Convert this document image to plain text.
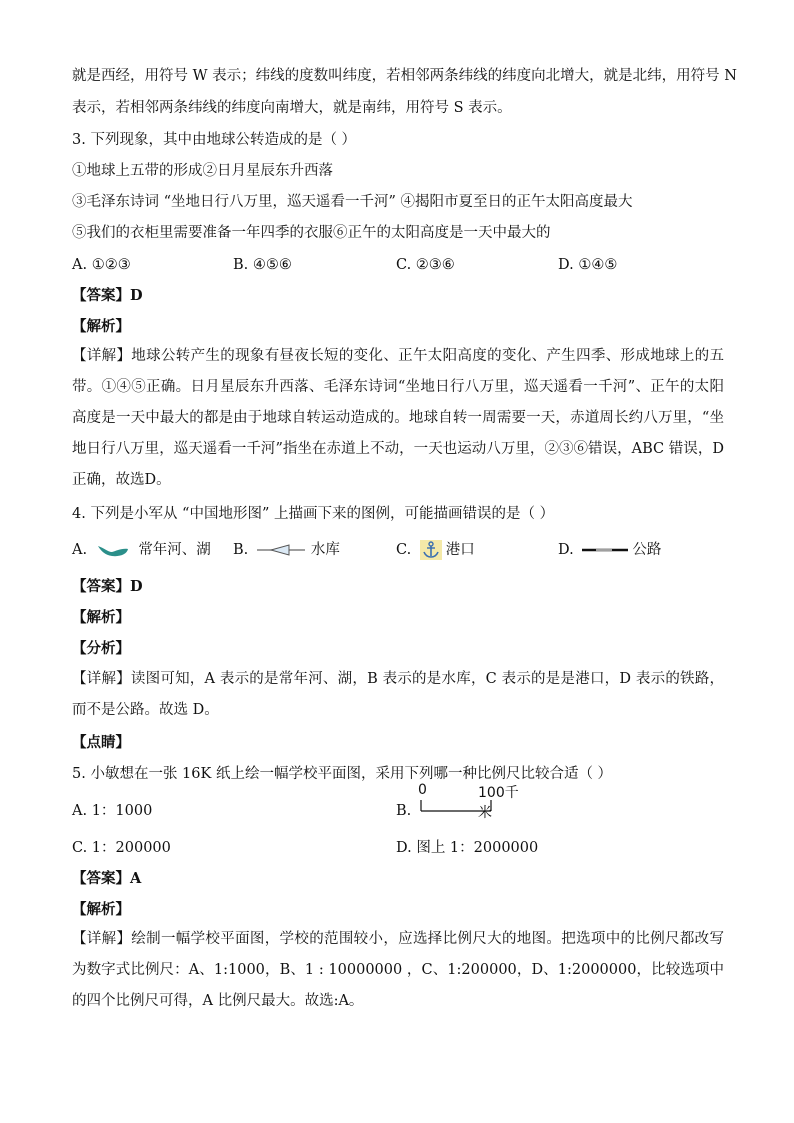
就是西经，用符号 W 表示；纬线的度数叫纬度，若相邻两条纬线的纬度向北增大，就是北纬，用符号 N
表示，若相邻两条纬线的纬度向南增大，就是南纬，用符号 S 表示。
3. 下列现象，其中由地球公转造成的是（ ）
①地球上五带的形成②日月星辰东升西落
③毛泽东诗词 “坐地日行八万里，巡天遥看一千河” ④揭阳市夏至日的正午太阳高度最大
⑤我们的衣柜里需要准备一年四季的衣服⑥正午的太阳高度是一天中最大的
A. ①②③	B. ④⑤⑥	C. ②③⑥	D. ①④⑤
【答案】D
【解析】
【详解】地球公转产生的现象有昼夜长短的变化、正午太阳高度的变化、产生四季、形成地球上的五带。①④⑤正确。日月星辰东升西落、毛泽东诗词“坐地日行八万里，巡天遥看一千河”、正午的太阳高度是一天中最大的都是由于地球自转运动造成的。地球自转一周需要一天，赤道周长约八万里，“坐地日行八万里，巡天遥看一千河”指坐在赤道上不动，一天也运动八万里，②③⑥错误，ABC 错误，D 正确，故选D。
4. 下列是小军从 “中国地形图” 上描画下来的图例，可能描画错误的是（ ）
A.	常年河、湖 B.	水库	C. 港口	D.	公路
【答案】D
【解析】
【分析】
【详解】读图可知，A 表示的是常年河、湖，B 表示的是水库，C 表示的是是港口，D 表示的铁路，而不是公路。故选 D。
【点睛】
5. 小敏想在一张 16K 纸上绘一幅学校平面图，采用下列哪一种比例尺比较合适（ ）
A. 1：1000	B.
0	100千米
C. 1：200000	D. 图上 1：2000000
【答案】A
【解析】
【详解】绘制一幅学校平面图，学校的范围较小，应选择比例尺大的地图。把选项中的比例尺都改写为数字式比例尺：A、1:1000，B、1 : 10000000 ，C、1:200000，D、1:2000000，比较选项中的四个比例尺可得，A 比例尺最大。故选:A。
